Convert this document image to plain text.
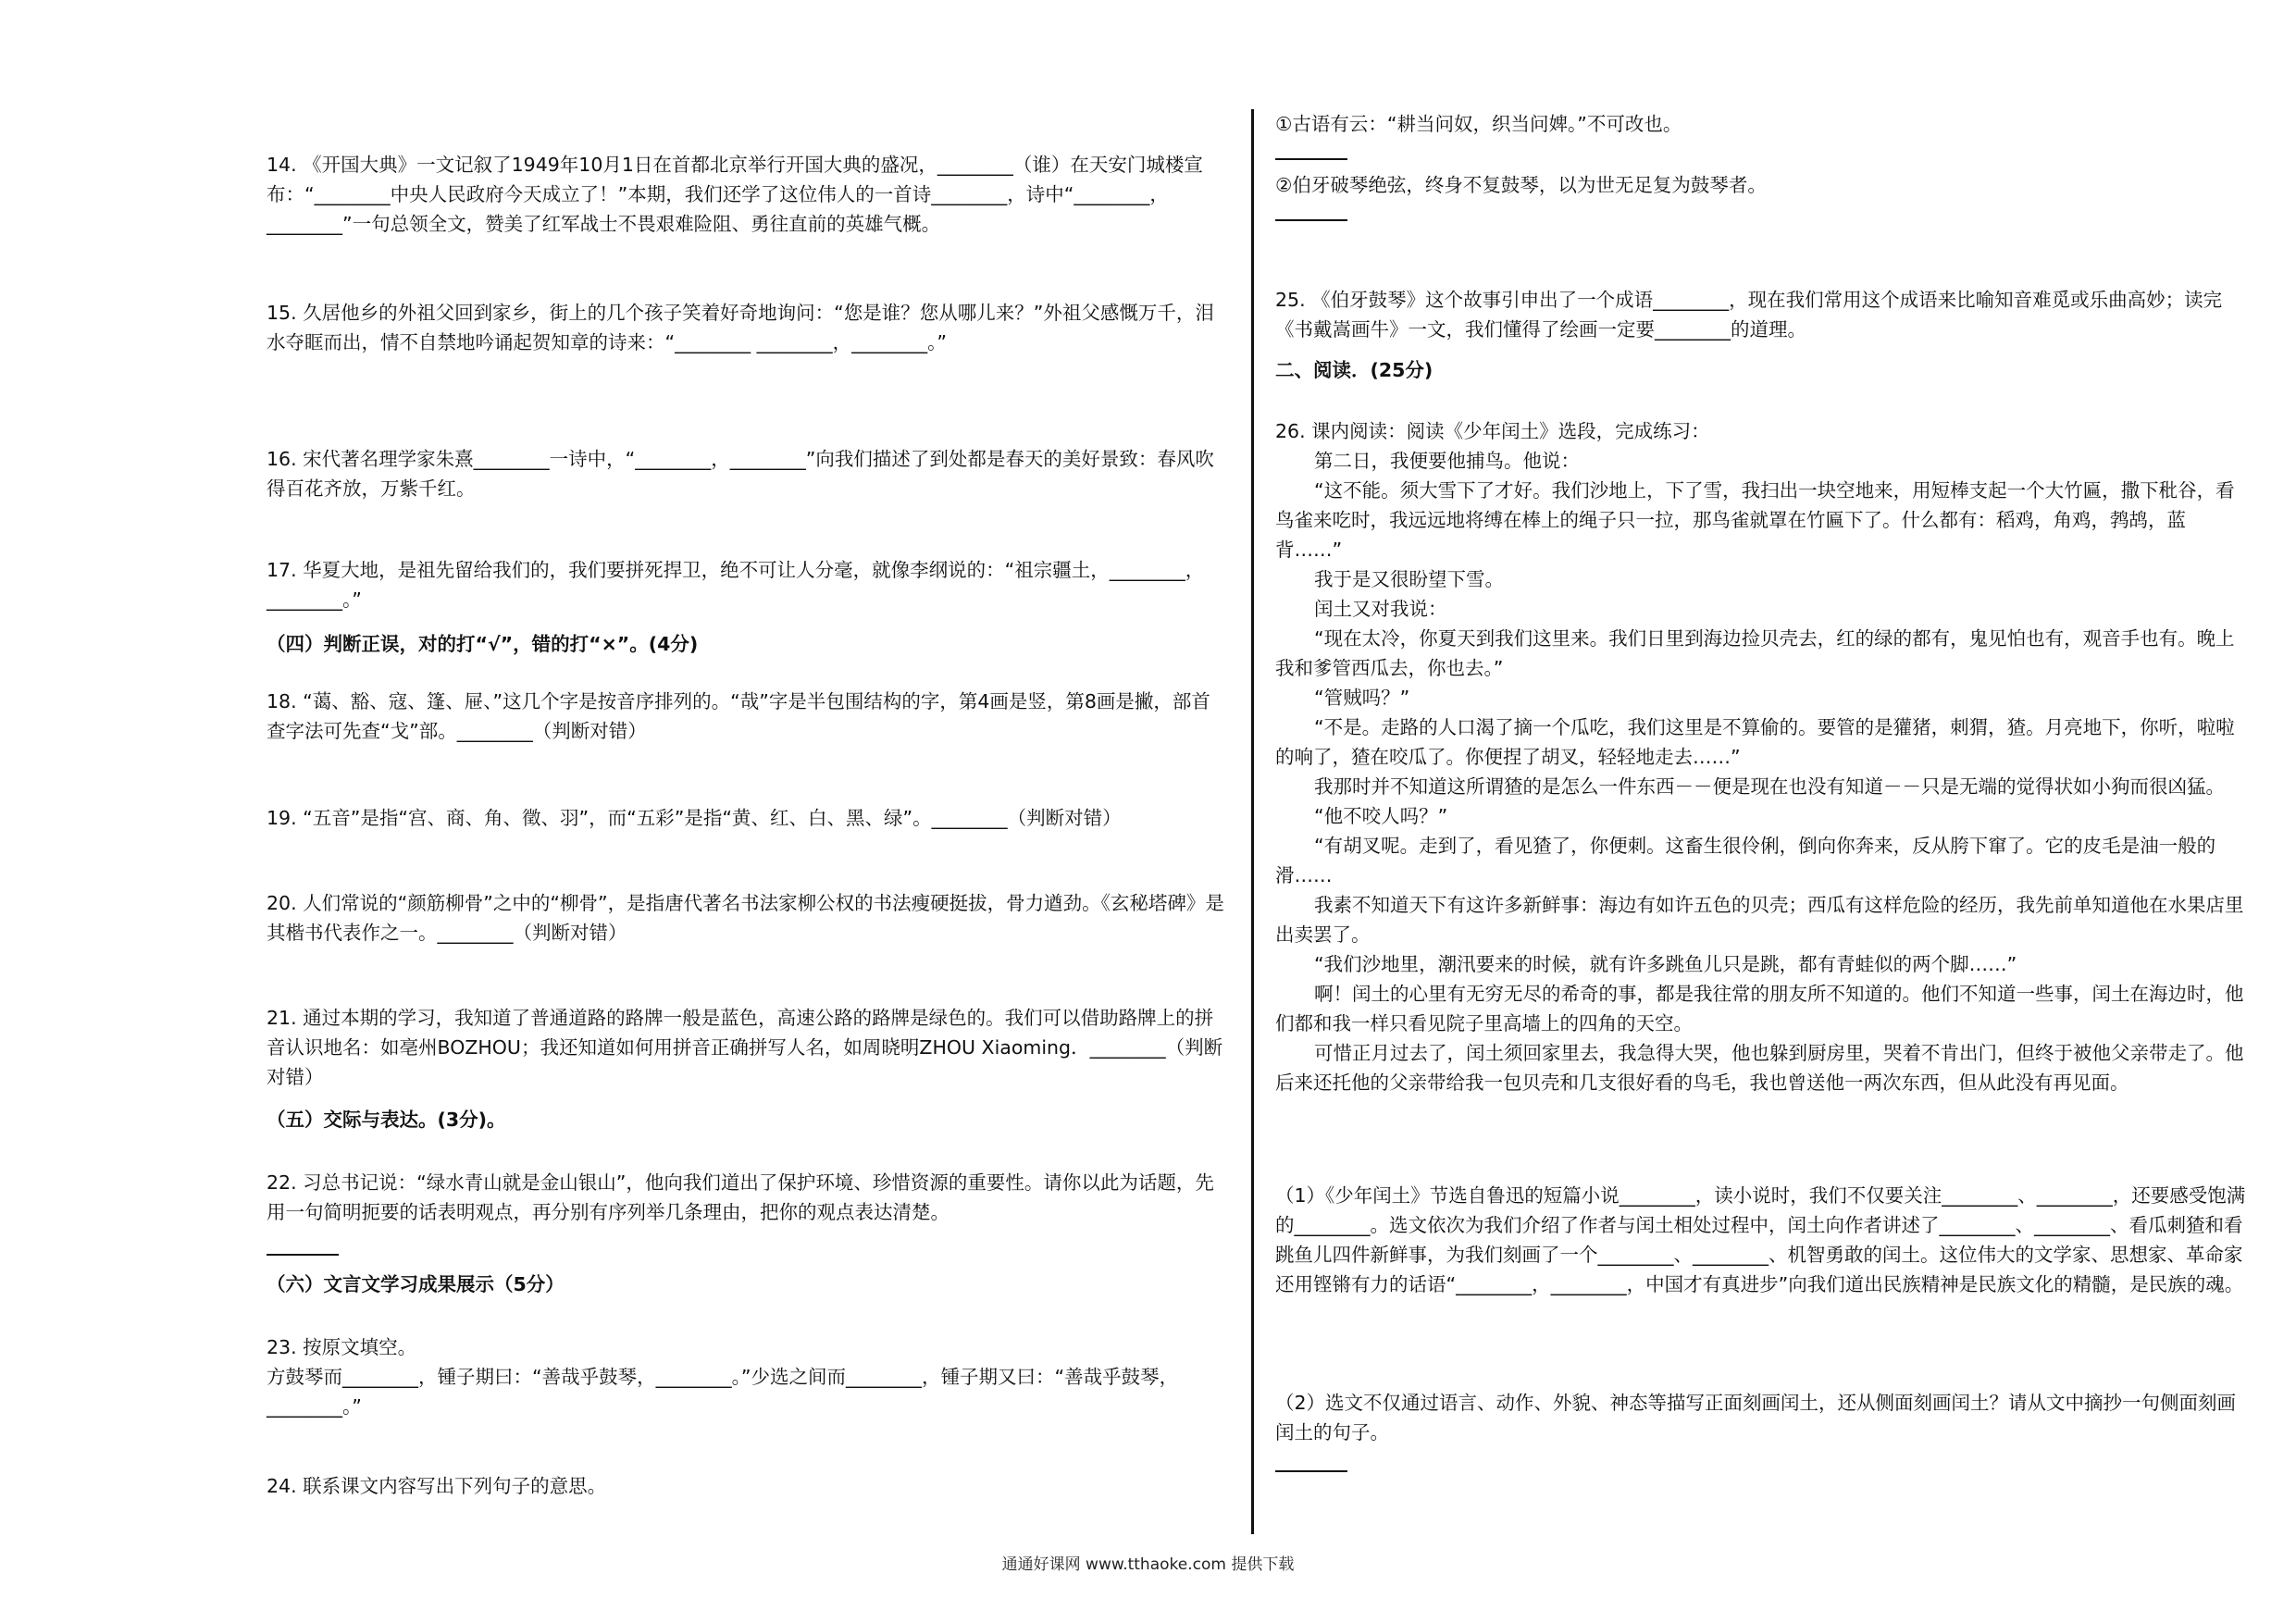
14. 《开国大典》一文记叙了1949年10月1日在首都北京举行开国大典的盛况，________（谁）在天安门城楼宣布：“________中央人民政府今天成立了！”本期，我们还学了这位伟人的一首诗________，诗中“________，________”一句总领全文，赞美了红军战士不畏艰难险阻、勇往直前的英雄气概。

15. 久居他乡的外祖父回到家乡，街上的几个孩子笑着好奇地询问：“您是谁？您从哪儿来？”外祖父感慨万千，泪水夺眶而出，情不自禁地吟诵起贺知章的诗来：“________ ________，________。”

16. 宋代著名理学家朱熹________一诗中，“________，________”向我们描述了到处都是春天的美好景致：春风吹得百花齐放，万紫千红。

17. 华夏大地，是祖先留给我们的，我们要拼死捍卫，绝不可让人分毫，就像李纲说的：“祖宗疆土，________，________。”

（四）判断正误，对的打“√”，错的打“×”。(4分)

18. “蔼、豁、寇、篷、屉、”这几个字是按音序排列的。“哉”字是半包围结构的字，第4画是竖，第8画是撇，部首查字法可先查“戈”部。________（判断对错）

19. “五音”是指“宫、商、角、徵、羽”，而“五彩”是指“黄、红、白、黑、绿”。________（判断对错）

20. 人们常说的“颜筋柳骨”之中的“柳骨”，是指唐代著名书法家柳公权的书法瘦硬挺拔，骨力遒劲。《玄秘塔碑》是其楷书代表作之一。________（判断对错）

21. 通过本期的学习，我知道了普通道路的路牌一般是蓝色，高速公路的路牌是绿色的。我们可以借助路牌上的拼音认识地名：如亳州BOZHOU；我还知道如何用拼音正确拼写人名，如周晓明ZHOU Xiaoming．________（判断对错）

（五）交际与表达。(3分)。

22. 习总书记说：“绿水青山就是金山银山”，他向我们道出了保护环境、珍惜资源的重要性。请你以此为话题，先用一句简明扼要的话表明观点，再分别有序列举几条理由，把你的观点表达清楚。

（六）文言文学习成果展示（5分）

23. 按原文填空。

方鼓琴而________，锺子期曰：“善哉乎鼓琴，________。”少选之间而________，锺子期又曰：“善哉乎鼓琴，________。”

24. 联系课文内容写出下列句子的意思。

①古语有云：“耕当问奴，织当问婢。”不可改也。

②伯牙破琴绝弦，终身不复鼓琴，以为世无足复为鼓琴者。

25. 《伯牙鼓琴》这个故事引申出了一个成语________，现在我们常用这个成语来比喻知音难觅或乐曲高妙；读完《书戴嵩画牛》一文，我们懂得了绘画一定要________的道理。

二、阅读．(25分)

26. 课内阅读：阅读《少年闰土》选段，完成练习：

第二日，我便要他捕鸟。他说：

“这不能。须大雪下了才好。我们沙地上，下了雪，我扫出一块空地来，用短棒支起一个大竹匾，撒下秕谷，看鸟雀来吃时，我远远地将缚在棒上的绳子只一拉，那鸟雀就罩在竹匾下了。什么都有：稻鸡，角鸡，鹁鸪，蓝背……”

我于是又很盼望下雪。

闰土又对我说：

“现在太冷，你夏天到我们这里来。我们日里到海边捡贝壳去，红的绿的都有，鬼见怕也有，观音手也有。晚上我和爹管西瓜去，你也去。”

“管贼吗？”

“不是。走路的人口渴了摘一个瓜吃，我们这里是不算偷的。要管的是獾猪，刺猬，猹。月亮地下，你听，啦啦的响了，猹在咬瓜了。你便捏了胡叉，轻轻地走去……”

我那时并不知道这所谓猹的是怎么一件东西－－便是现在也没有知道－－只是无端的觉得状如小狗而很凶猛。

“他不咬人吗？”

“有胡叉呢。走到了，看见猹了，你便刺。这畜生很伶俐，倒向你奔来，反从胯下窜了。它的皮毛是油一般的滑……

我素不知道天下有这许多新鲜事：海边有如许五色的贝壳；西瓜有这样危险的经历，我先前单知道他在水果店里出卖罢了。

“我们沙地里，潮汛要来的时候，就有许多跳鱼儿只是跳，都有青蛙似的两个脚……”

啊！闰土的心里有无穷无尽的希奇的事，都是我往常的朋友所不知道的。他们不知道一些事，闰土在海边时，他们都和我一样只看见院子里高墙上的四角的天空。

可惜正月过去了，闰土须回家里去，我急得大哭，他也躲到厨房里，哭着不肯出门，但终于被他父亲带走了。他后来还托他的父亲带给我一包贝壳和几支很好看的鸟毛，我也曾送他一两次东西，但从此没有再见面。

（1）《少年闰土》节选自鲁迅的短篇小说________，读小说时，我们不仅要关注________、________，还要感受饱满的________。选文依次为我们介绍了作者与闰土相处过程中，闰土向作者讲述了________、________、看瓜刺猹和看跳鱼儿四件新鲜事，为我们刻画了一个________、________、机智勇敢的闰土。这位伟大的文学家、思想家、革命家还用铿锵有力的话语“________，________，中国才有真进步”向我们道出民族精神是民族文化的精髓，是民族的魂。

（2）选文不仅通过语言、动作、外貌、神态等描写正面刻画闰土，还从侧面刻画闰土？请从文中摘抄一句侧面刻画闰土的句子。

通通好课网 www.tthaoke.com 提供下载
